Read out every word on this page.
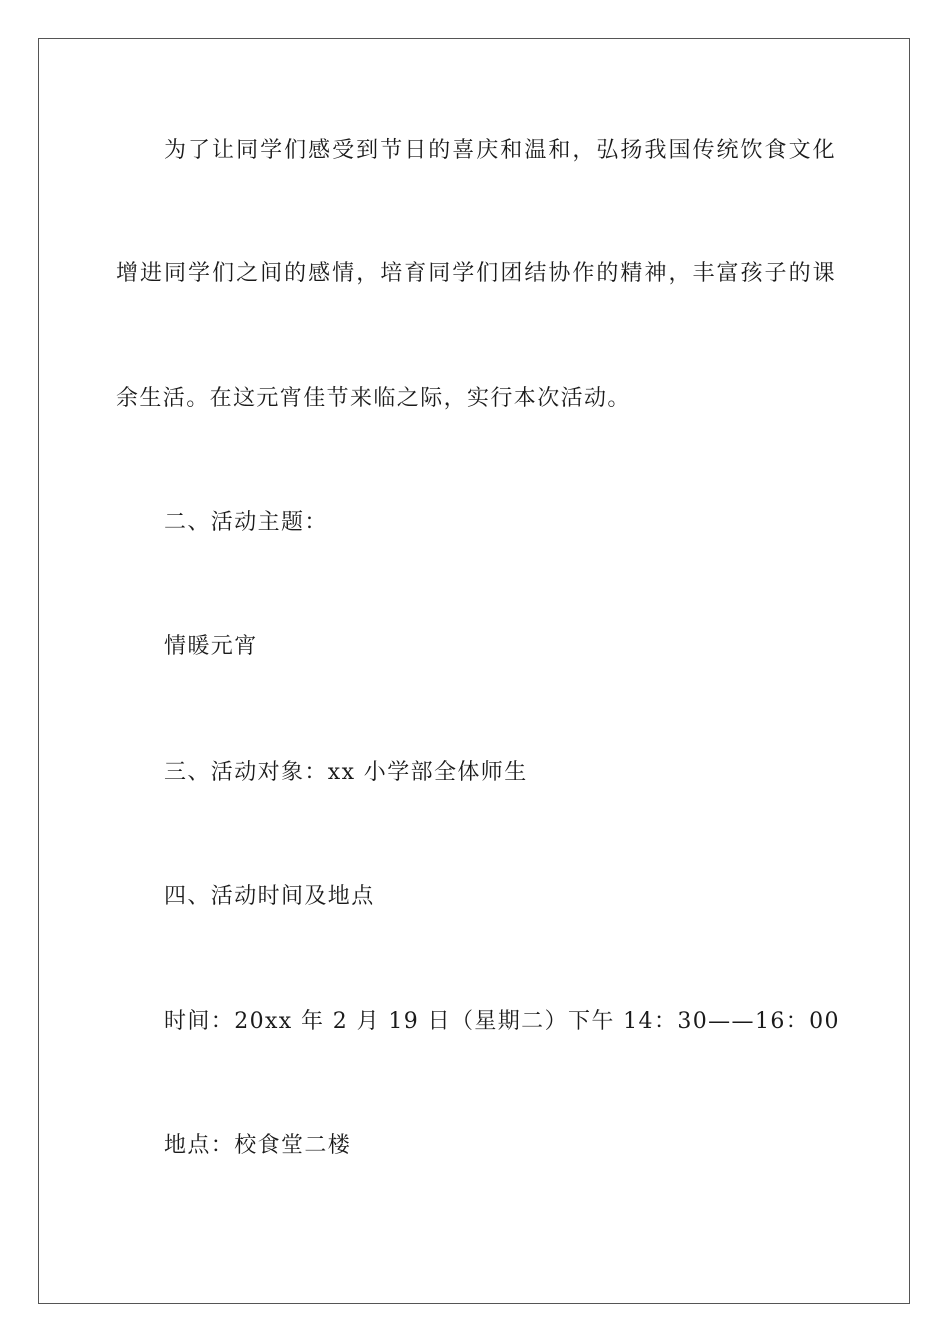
为了让同学们感受到节日的喜庆和温和，弘扬我国传统饮食文化
增进同学们之间的感情，培育同学们团结协作的精神，丰富孩子的课
余生活。在这元宵佳节来临之际，实行本次活动。
二、活动主题：
情暖元宵
三、活动对象：xx 小学部全体师生
四、活动时间及地点
时间：20xx 年 2 月 19 日（星期二）下午 14：30——16：00
地点：校食堂二楼
